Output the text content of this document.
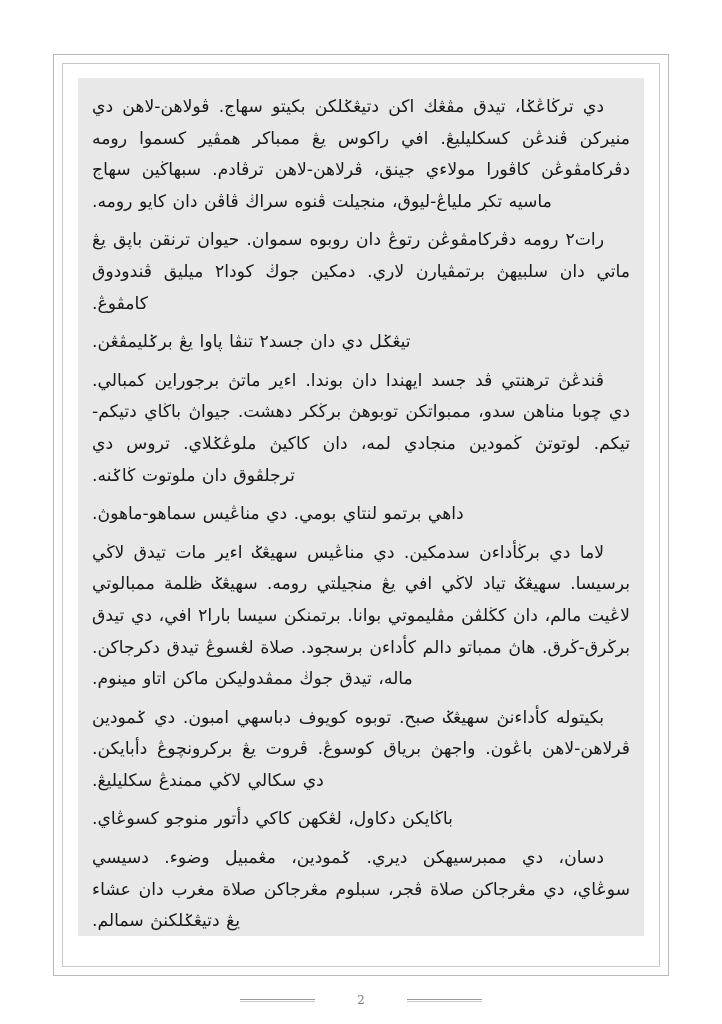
دي ترڬاڠݢا، تيدق مڤڠك اكن دتيڠݢلكن بكيتو سهاج. ڤولاهن-لاهن دي منيركن ڤندڠن كسكليليڠ. افي راكوس يڠ ممباكر همڤير كسموا رومه دڤركامڤوڠن كاڤورا مولاءي جينق، ڤرلاهن-لاهن ترڤادم. سبهاڬين سهاج ماسيه تكڔ ملياڠ-ليوق، منجيلت ڤنوه سراڬ ڤاڤن دان كايو رومه.

رات٢ رومه دڤركامڤوڠن رتوڠ دان روبوه سموان. حيوان ترنقن باڽق يڠ ماتي دان سلبيهڽ برتمڤيارن لاري. دمكين جوڬ كودا٢ ميليق ڤندودوق كامڤوڠ.

تيڠݢل دي دان جسد٢ تنڤا ڽاوا يڠ برݢليمڤڠن.

ڤندڠڽ ترهنتي ڤد جسد ايهندا دان بوندا. اءير ماتڽ برجوراين كمبالي. دي چوبا مناهن سدو، ممبواتكن توبوهڽ برڬكر دهشت. جيواڽ باڬاي دتيكم-تيكم. لوتوتڽ ڬمودين منجادي لمه، دان كاكيڽ ملوڠݢلاي. تروس دي ترجلڤوق دان ملوتوت ڬاݢنه.

داهي برتمو لنتاي بومي. دي مناڠيس سماهو-ماهوڽ.

لاما دي برڬأداءن سدمكين. دي مناڠيس سهيڠݢ اءير مات تيدق لاڬي برسيسا. سهيڠݢ تياد لاڬي افي يڠ منجيلتي رومه. سهيڠݢ ظلمة ممبالوتي لاڠيت مالم، دان كڬلڤن مڤليموتي بوانا. برتمنكن سيسا بارا٢ افي، دي تيدق برڬرق-ڬرق. هاڽ ممباتو دالم كأداءن برسجود. صلاة لڠسوڠ تيدق دكرجاكن. ماله، تيدق جوڬ ممڤدوليكن ماكن اتاو مينوم.

بكيتوله كأداءنڽ سهيڠݢ صبح. توبوه كويوف دباسهي امبون. دي ݢمودين ڤرلاهن-لاهن باڠون. واجهڽ برياق كوسوڠ. ڤروت يڠ بركرونچوڠ دأبايكن. دي سكالي لاڬي ممندڠ سكليليڠ.

باڬايكن دكاول، لڠكهن كاكي دأتور منوجو كسوڠاي.

دسان، دي ممبرسيهكن ديري. ݢمودين، مڠمبيل وضوء. دسيسي سوڠاي، دي مڠرجاكن صلاة ڤجر، سبلوم مڠرجاكن صلاة مغرب دان عشاء يڠ دتيڠݢلكنڽ سمالم.

2
